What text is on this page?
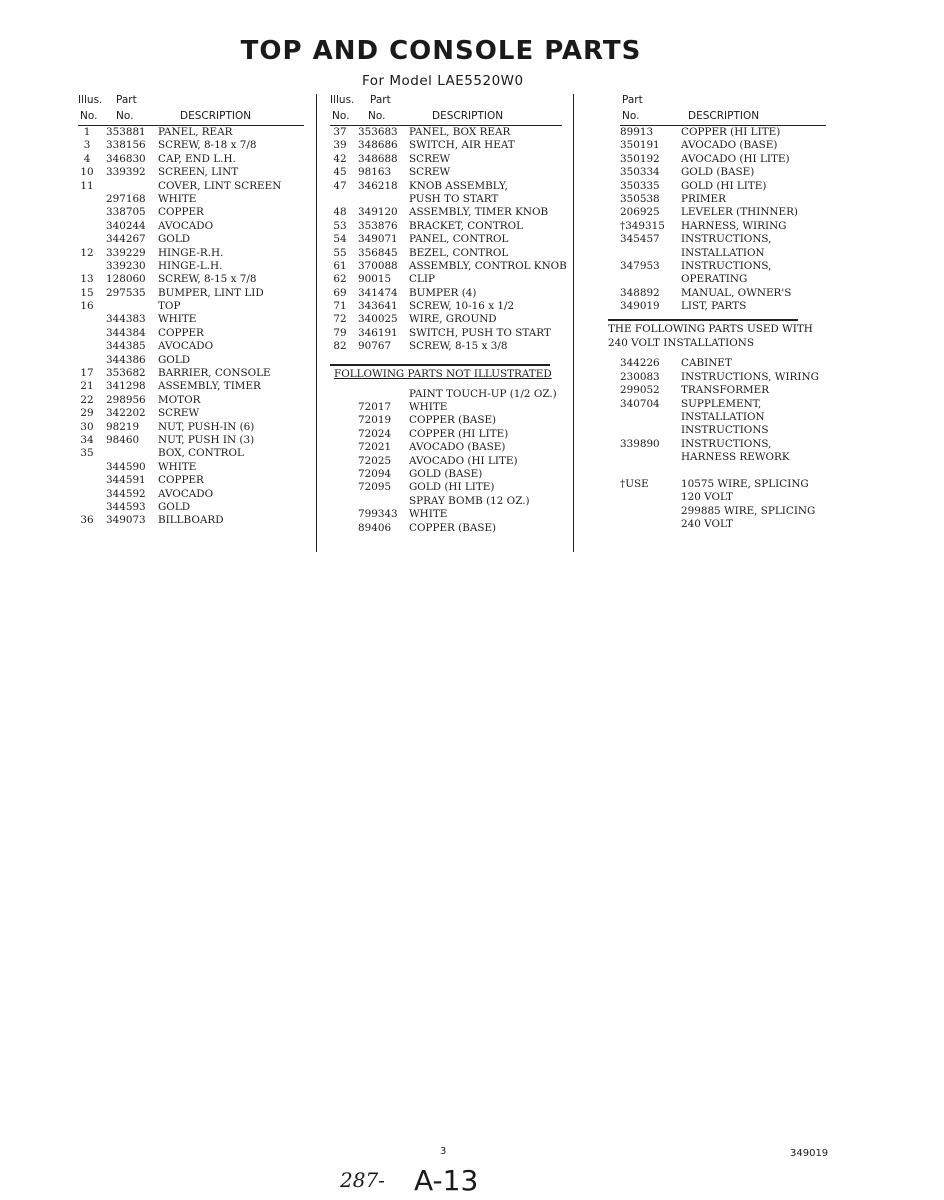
TOP AND CONSOLE PARTS
For Model LAE5520W0
Illus. Part
No. No.	DESCRIPTION
1	353881 PANEL, REAR
3	338156 SCREW, 8-18 x 7/8
4	346830 CAP, END L.H.
10 339392 SCREEN, LINT
11	COVER, LINT SCREEN
297168 WHITE
338705 COPPER
340244 AVOCADO
344267 GOLD
12 339229 HINGE-R.H.
339230 HINGE-L.H.
13 128060 SCREW, 8-15 x 7/8
15 297535 BUMPER, LINT LID
16	TOP
344383 WHITE
344384 COPPER
344385 AVOCADO
344386 GOLD
17 353682 BARRIER, CONSOLE
21 341298 ASSEMBLY, TIMER
22 298956 MOTOR
29 342202 SCREW
30 98219 NUT, PUSH-IN (6)
34 98460 NUT, PUSH IN (3)
35	BOX, CONTROL
344590 WHITE
344591 COPPER
344592 AVOCADO
344593 GOLD
36 349073 BILLBOARD
Illus. Part
No. No.	DESCRIPTION
37	353683 PANEL, BOX REAR
39	348686 SWITCH, AIR HEAT
42	348688 SCREW
45	98163 SCREW
47	346218 KNOB ASSEMBLY,
PUSH TO START
48	349120 ASSEMBLY, TIMER KNOB
53	353876 BRACKET, CONTROL
54	349071 PANEL, CONTROL
55	356845 BEZEL, CONTROL
61	370088 ASSEMBLY, CONTROL KNOB
62	90015 CLIP
69	341474 BUMPER (4)
71	343641 SCREW, 10-16 x 1/2
72	340025 WIRE, GROUND
79	346191 SWITCH, PUSH TO START
82	90767 SCREW, 8-15 x 3/8
FOLLOWING PARTS NOT ILLUSTRATED
PAINT TOUCH-UP (1/2 OZ.)
72017 WHITE
72019 COPPER (BASE)
72024 COPPER (HI LITE)
72021 AVOCADO (BASE)
72025 AVOCADO (HI LITE)
72094 GOLD (BASE)
72095 GOLD (HI LITE)
SPRAY BOMB (12 OZ.)
799343 WHITE
89406 COPPER (BASE)
Part
No.	DESCRIPTION
89913	COPPER (HI LITE)
350191 AVOCADO (BASE)
350192 AVOCADO (HI LITE)
350334 GOLD (BASE)
350335 GOLD (HI LITE)
350538 PRIMER
206925 LEVELER (THINNER)
†349315 HARNESS, WIRING
345457 INSTRUCTIONS,
INSTALLATION
347953 INSTRUCTIONS,
OPERATING
348892 MANUAL, OWNER'S
349019 LIST, PARTS
THE FOLLOWING PARTS USED WITH
240 VOLT INSTALLATIONS
344226 CABINET
230083 INSTRUCTIONS, WIRING
299052 TRANSFORMER
340704 SUPPLEMENT,
INSTALLATION
INSTRUCTIONS
339890 INSTRUCTIONS,
HARNESS REWORK
†USE	10575 WIRE, SPLICING
120 VOLT
299885 WIRE, SPLICING
240 VOLT
3	349019
287- A-13
